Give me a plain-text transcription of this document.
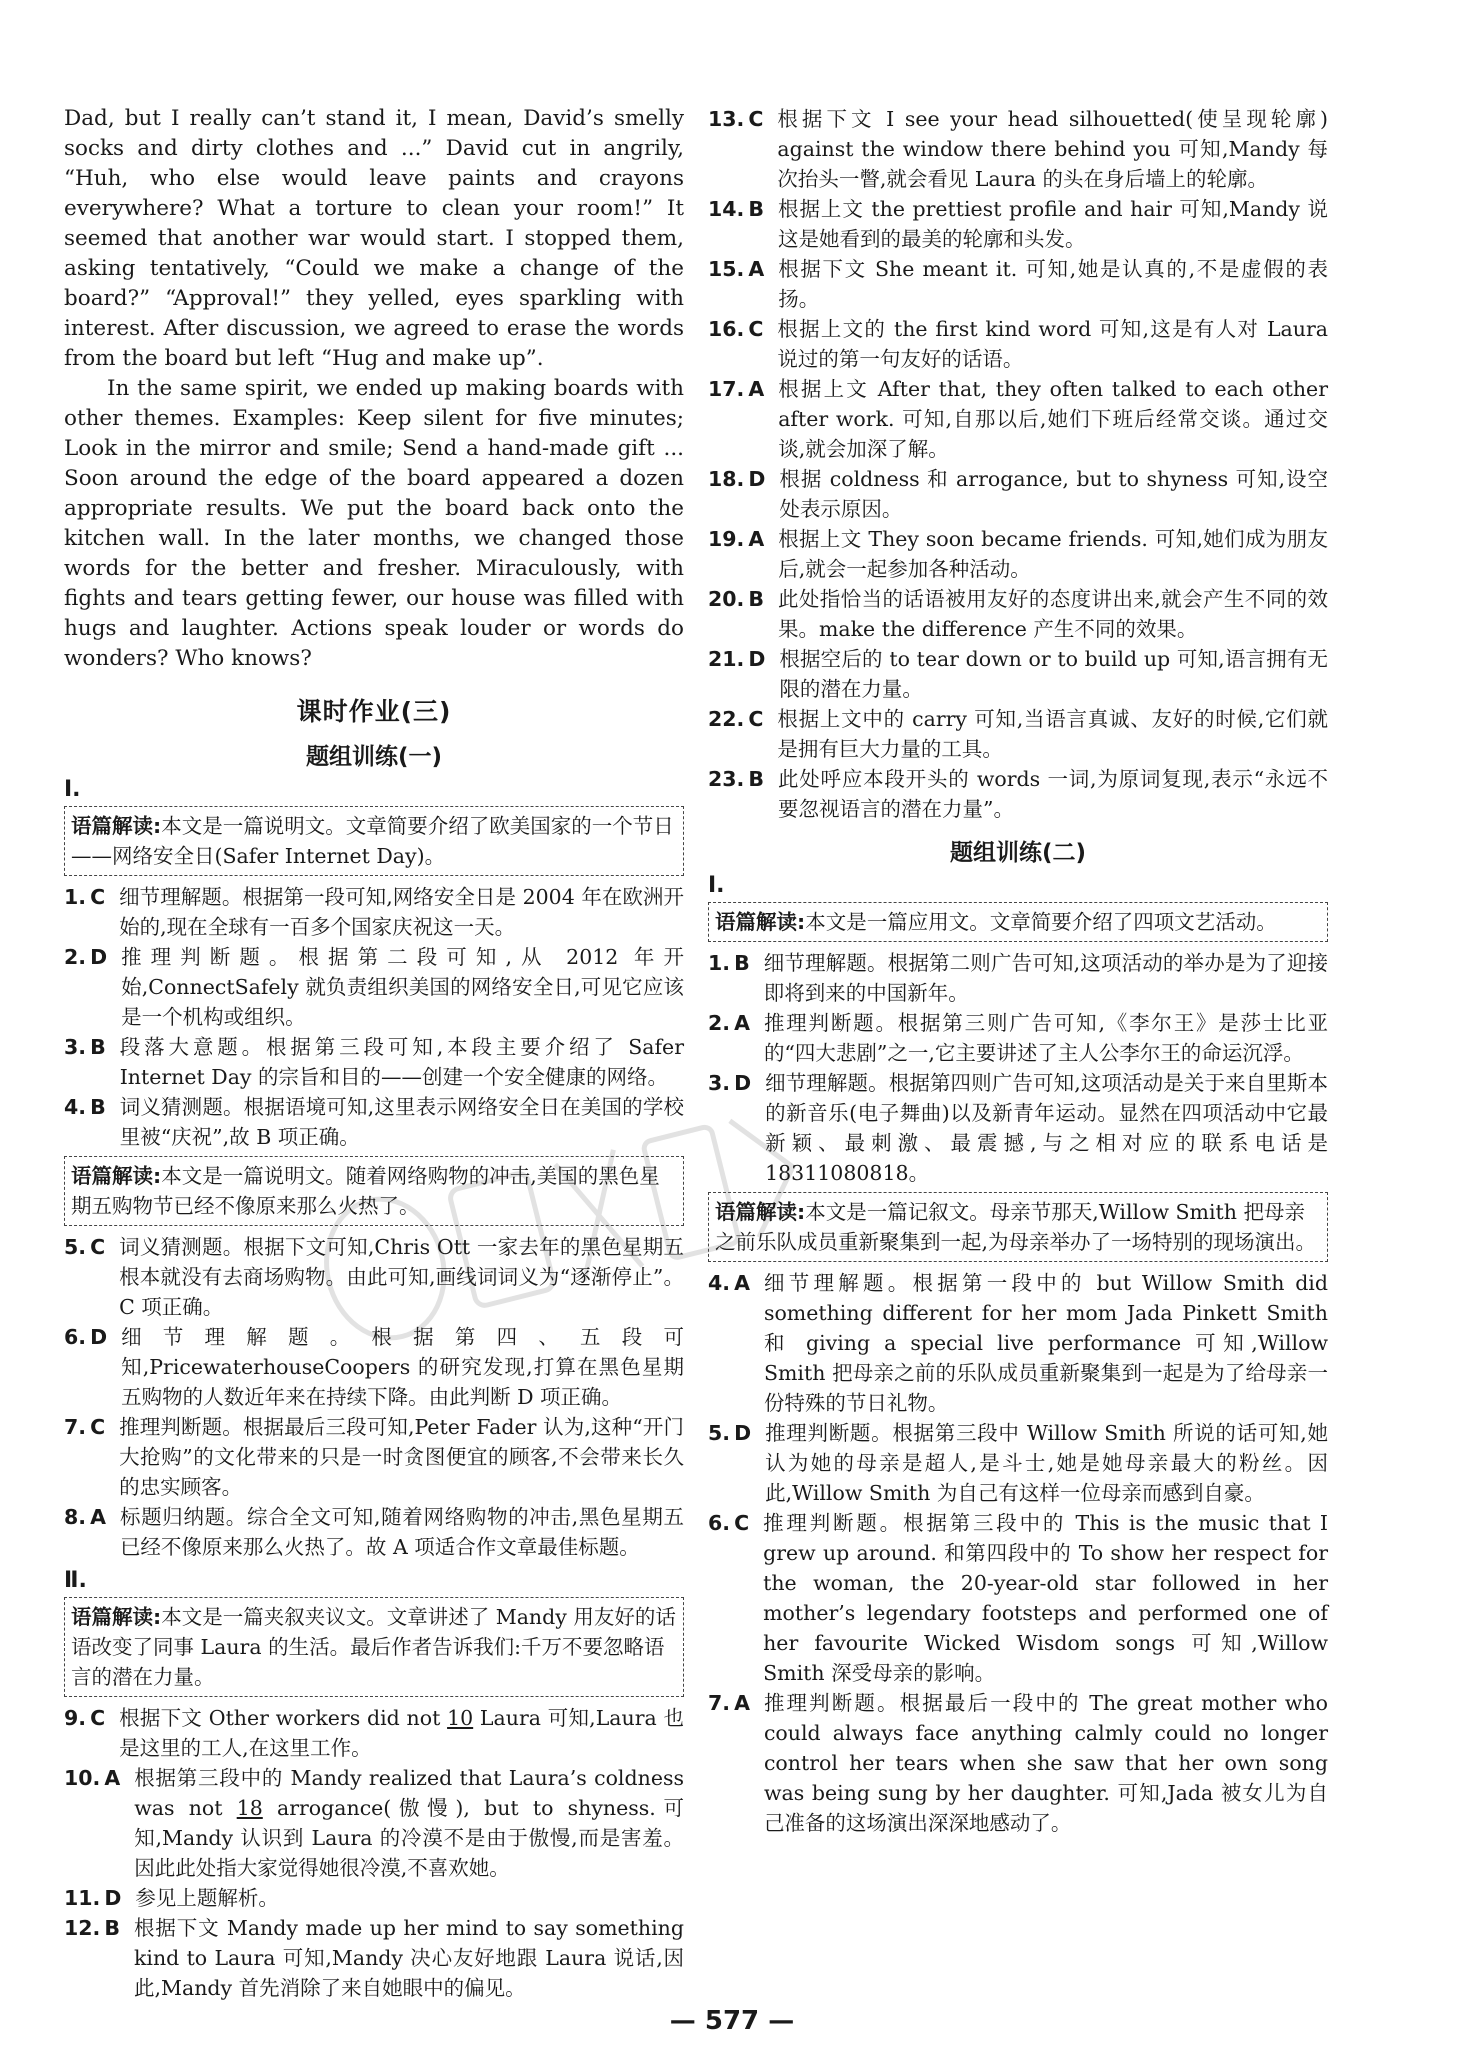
Dad, but I really can’t stand it, I mean, David’s smelly socks and dirty clothes and ...” David cut in angrily, “Huh, who else would leave paints and crayons everywhere? What a torture to clean your room!” It seemed that another war would start. I stopped them, asking tentatively, “Could we make a change of the board?” “Approval!” they yelled, eyes sparkling with interest. After discussion, we agreed to erase the words from the board but left “Hug and make up”.

In the same spirit, we ended up making boards with other themes. Examples: Keep silent for five minutes; Look in the mirror and smile; Send a hand-made gift ... Soon around the edge of the board appeared a dozen appropriate results. We put the board back onto the kitchen wall. In the later months, we changed those words for the better and fresher. Miraculously, with fights and tears getting fewer, our house was filled with hugs and laughter. Actions speak louder or words do wonders? Who knows?

课时作业(三)
题组训练(一)
Ⅰ.
语篇解读:本文是一篇说明文。文章简要介绍了欧美国家的一个节日——网络安全日(Safer Internet Day)。
1. C 细节理解题。根据第一段可知,网络安全日是 2004 年在欧洲开始的,现在全球有一百多个国家庆祝这一天。
2. D 推理判断题。根据第二段可知,从 2012 年开始,ConnectSafely 就负责组织美国的网络安全日,可见它应该是一个机构或组织。
3. B 段落大意题。根据第三段可知,本段主要介绍了 Safer Internet Day 的宗旨和目的——创建一个安全健康的网络。
4. B 词义猜测题。根据语境可知,这里表示网络安全日在美国的学校里被“庆祝”,故 B 项正确。
语篇解读:本文是一篇说明文。随着网络购物的冲击,美国的黑色星期五购物节已经不像原来那么火热了。
5. C 词义猜测题。根据下文可知,Chris Ott 一家去年的黑色星期五根本就没有去商场购物。由此可知,画线词词义为“逐渐停止”。C 项正确。
6. D 细节理解题。根据第四、五段可知,PricewaterhouseCoopers 的研究发现,打算在黑色星期五购物的人数近年来在持续下降。由此判断 D 项正确。
7. C 推理判断题。根据最后三段可知,Peter Fader 认为,这种“开门大抢购”的文化带来的只是一时贪图便宜的顾客,不会带来长久的忠实顾客。
8. A 标题归纳题。综合全文可知,随着网络购物的冲击,黑色星期五已经不像原来那么火热了。故 A 项适合作文章最佳标题。
Ⅱ.
语篇解读:本文是一篇夹叙夹议文。文章讲述了 Mandy 用友好的话语改变了同事 Laura 的生活。最后作者告诉我们:千万不要忽略语言的潜在力量。
9. C 根据下文 Other workers did not 10 Laura 可知,Laura 也是这里的工人,在这里工作。
10. A 根据第三段中的 Mandy realized that Laura’s coldness was not 18 arrogance(傲慢), but to shyness.可知,Mandy 认识到 Laura 的冷漠不是由于傲慢,而是害羞。因此此处指大家觉得她很冷漠,不喜欢她。
11. D 参见上题解析。
12. B 根据下文 Mandy made up her mind to say something kind to Laura 可知,Mandy 决心友好地跟 Laura 说话,因此,Mandy 首先消除了来自她眼中的偏见。
13. C 根据下文 I see your head silhouetted(使呈现轮廓) against the window there behind you 可知,Mandy 每次抬头一瞥,就会看见 Laura 的头在身后墙上的轮廓。
14. B 根据上文 the prettiest profile and hair 可知,Mandy 说这是她看到的最美的轮廓和头发。
15. A 根据下文 She meant it. 可知,她是认真的,不是虚假的表扬。
16. C 根据上文的 the first kind word 可知,这是有人对 Laura 说过的第一句友好的话语。
17. A 根据上文 After that, they often talked to each other after work. 可知,自那以后,她们下班后经常交谈。通过交谈,就会加深了解。
18. D 根据 coldness 和 arrogance, but to shyness 可知,设空处表示原因。
19. A 根据上文 They soon became friends. 可知,她们成为朋友后,就会一起参加各种活动。
20. B 此处指恰当的话语被用友好的态度讲出来,就会产生不同的效果。make the difference 产生不同的效果。
21. D 根据空后的 to tear down or to build up 可知,语言拥有无限的潜在力量。
22. C 根据上文中的 carry 可知,当语言真诚、友好的时候,它们就是拥有巨大力量的工具。
23. B 此处呼应本段开头的 words 一词,为原词复现,表示“永远不要忽视语言的潜在力量”。
题组训练(二)
Ⅰ.
语篇解读:本文是一篇应用文。文章简要介绍了四项文艺活动。
1. B 细节理解题。根据第二则广告可知,这项活动的举办是为了迎接即将到来的中国新年。
2. A 推理判断题。根据第三则广告可知,《李尔王》是莎士比亚的“四大悲剧”之一,它主要讲述了主人公李尔王的命运沉浮。
3. D 细节理解题。根据第四则广告可知,这项活动是关于来自里斯本的新音乐(电子舞曲)以及新青年运动。显然在四项活动中它最新颖、最刺激、最震撼,与之相对应的联系电话是 18311080818。
语篇解读:本文是一篇记叙文。母亲节那天,Willow Smith 把母亲之前乐队成员重新聚集到一起,为母亲举办了一场特别的现场演出。
4. A 细节理解题。根据第一段中的 but Willow Smith did something different for her mom Jada Pinkett Smith 和 giving a special live performance 可知,Willow Smith 把母亲之前的乐队成员重新聚集到一起是为了给母亲一份特殊的节日礼物。
5. D 推理判断题。根据第三段中 Willow Smith 所说的话可知,她认为她的母亲是超人,是斗士,她是她母亲最大的粉丝。因此,Willow Smith 为自己有这样一位母亲而感到自豪。
6. C 推理判断题。根据第三段中的 This is the music that I grew up around. 和第四段中的 To show her respect for the woman, the 20-year-old star followed in her mother’s legendary footsteps and performed one of her favourite Wicked Wisdom songs 可知,Willow Smith 深受母亲的影响。
7. A 推理判断题。根据最后一段中的 The great mother who could always face anything calmly could no longer control her tears when she saw that her own song was being sung by her daughter. 可知,Jada 被女儿为自己准备的这场演出深深地感动了。
— 577 —
